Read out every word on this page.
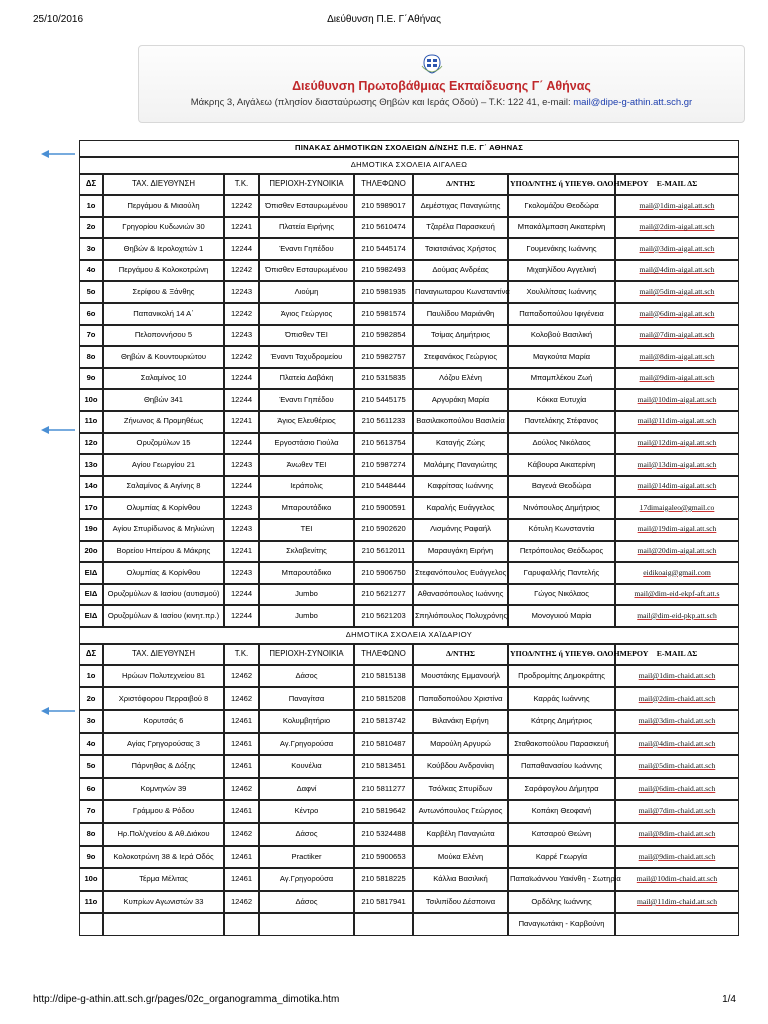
25/10/2016	Διεύθυνση Π.Ε. Γ΄Αθήνας
Διεύθυνση Πρωτοβάθμιας Εκπαίδευσης Γ΄ Αθήνας
Μάκρης 3, Αιγάλεω (πλησίον διασταύρωσης Θηβών και Ιεράς Οδού) – Τ.Κ: 122 41, e-mail: mail@dipe-g-athin.att.sch.gr
ΠΙΝΑΚΑΣ ΔΗΜΟΤΙΚΩΝ ΣΧΟΛΕΙΩΝ Δ/ΝΣΗΣ Π.Ε. Γ΄ ΑΘΗΝΑΣ							
ΔΗΜΟΤΙΚΑ ΣΧΟΛΕΙΑ ΑΙΓΑΛΕΩ							
ΔΣ	ΤΑΧ. ΔΙΕΥΘΥΝΣΗ	Τ.Κ.	ΠΕΡΙΟΧΗ-ΣΥΝΟΙΚΙΑ	ΤΗΛΕΦΩΝΟ	Δ/ΝΤΗΣ	ΥΠΟΔ/ΝΤΗΣ ή ΥΠΕΥΘ. ΟΛΟΗΜΕΡΟΥ	E-MAIL ΔΣ
1ο	Περγάμου & Μιαούλη	12242	Όπισθεν Εσταυρωμένου	210 5989017	Δεμέστιχας Παναγιώτης	Γκολομάζου Θεοδώρα	mail@1dim-aigal.att.sch
2ο	Γρηγορίου Κυδωνιών 30	12241	Πλατεία Ειρήνης	210 5610474	Τζαρέλα Παρασκευή	Μπακάλμπαση Αικατερίνη	mail@2dim-aigal.att.sch
3ο	Θηβών & Ιερολοχιτών 1	12244	Έναντι Γηπέδου	210 5445174	Τσιατσιάνας Χρήστος	Γουμενάκης Ιωάννης	mail@3dim-aigal.att.sch
4ο	Περγάμου & Κολοκοτρώνη	12242	Όπισθεν Εσταυρωμένου	210 5982493	Δούμας Ανδρέας	Μιχαηλίδου Αγγελική	mail@4dim-aigal.att.sch
5ο	Σερίφου & Ξάνθης	12243	Λιούμη	210 5981935	Παναγιωταρου Κωνσταντίνα	Χουλιλίτσας Ιωάννης	mail@5dim-aigal.att.sch
6ο	Παπανικολή 14 Α΄	12242	Άγιος Γεώργιος	210 5981574	Παυλίδου Μαριάνθη	Παπαδοπούλου Ιφιγένεια	mail@6dim-aigal.att.sch
7ο	Πελοποννήσου 5	12243	Όπισθεν ΤΕΙ	210 5982854	Τσίμας Δημήτριος	Κολοβού Βασιλική	mail@7dim-aigal.att.sch
8ο	Θηβών & Κουντουριώτου	12242	Έναντι Ταχυδρομείου	210 5982757	Στεφανάκος Γεώργιος	Μαγκούτα Μαρία	mail@8dim-aigal.att.sch
9ο	Σαλαμίνος 10	12244	Πλατεία Δαβάκη	210 5315835	Λόζου Ελένη	Μπαμπλέκου Ζωή	mail@9dim-aigal.att.sch
10ο	Θηβών 341	12244	Έναντι Γηπέδου	210 5445175	Αργυράκη Μαρία	Κόκκα Ευτυχία	mail@10dim-aigal.att.sch
11ο	Ζήνωνος & Προμηθέως	12241	Άγιος Ελευθέριος	210 5611233	Βασιλακοπούλου Βασιλεία	Παντελάκης Στέφανος	mail@11dim-aigal.att.sch
12ο	Ορυζομύλων 15	12244	Εργοστάσιο Γιούλα	210 5613754	Καταγής Ζώης	Δούλος Νικόλαος	mail@12dim-aigal.att.sch
13ο	Αγίου Γεωργίου 21	12243	Άνωθεν ΤΕΙ	210 5987274	Μαλάμης Παναγιώτης	Κάβουρα Αικατερίνη	mail@13dim-aigal.att.sch
14ο	Σαλαμίνος & Αιγίνης 8	12244	Ιεράπολις	210 5448444	Καφρίτσας Ιωάννης	Βαγενά Θεοδώρα	mail@14dim-aigal.att.sch
17ο	Ολυμπίας & Κορίνθου	12243	Μπαρουτάδικο	210 5900591	Καραλής Ευάγγελος	Νινόπουλος Δημήτριος	17dimaigaleo@gmail.co
19ο	Αγίου Σπυρίδωνος & Μηλιώνη	12243	ΤΕΙ	210 5902620	Λισμάνης Ραφαήλ	Κότυλη Κωνσταντία	mail@19dim-aigal.att.sch
20ο	Βορείου Ηπείρου & Μάκρης	12241	Σκλαβενίτης	210 5612011	Μαραυγάκη Ειρήνη	Πετρόπουλος Θεόδωρος	mail@20dim-aigal.att.sch
ΕΙΔ	Ολυμπίας & Κορίνθου	12243	Μπαρουτάδικο	210 5906750	Στεφανόπουλος Ευάγγελος	Γαρυφαλλής Παντελής	eidikoaig@gmail.com
ΕΙΔ	Ορυζομύλων & Ιασίου (αυτισμού)	12244	Jumbo	210 5621277	Αθανασόπουλος Ιωάννης	Γώγος Νικόλαος	mail@dim-eid-ekpf-aft.att.s
ΕΙΔ	Ορυζομύλων & Ιασίου (κινητ.πρ.)	12244	Jumbo	210 5621203	Σπηλιόπουλος Πολυχρόνης	Μονογυιού Μαρία	mail@dim-eid-pkp.att.sch
ΔΗΜΟΤΙΚΑ ΣΧΟΛΕΙΑ ΧΑΪΔΑΡΙΟΥ							
ΔΣ	ΤΑΧ. ΔΙΕΥΘΥΝΣΗ	Τ.Κ.	ΠΕΡΙΟΧΗ-ΣΥΝΟΙΚΙΑ	ΤΗΛΕΦΩΝΟ	Δ/ΝΤΗΣ	ΥΠΟΔ/ΝΤΗΣ ή ΥΠΕΥΘ. ΟΛΟΗΜΕΡΟΥ	E-MAIL ΔΣ
1ο	Ηρώων Πολυτεχνείου 81	12462	Δάσος	210 5815138	Μουστάκης Εμμανουήλ	Προδρομίτης Δημοκράτης	mail@1dim-chaid.att.sch
2ο	Χριστόφορου Περραιβού 8	12462	Παναγίτσα	210 5815208	Παπαδοπούλου Χριστίνα	Καρράς Ιωάννης	mail@2dim-chaid.att.sch
3ο	Κορυτσάς 6	12461	Κολυμβητήριο	210 5813742	Βιλανάκη Ειρήνη	Κάτρης Δημήτριος	mail@3dim-chaid.att.sch
4ο	Αγίας Γρηγορούσας 3	12461	Αγ.Γρηγορούσα	210 5810487	Μαρούλη Αργυρώ	Σταθακοπούλου Παρασκευή	mail@4dim-chaid.att.sch
5ο	Πάρνηθας & Δόξης	12461	Κουνέλια	210 5813451	Κούβδου Ανδρονίκη	Παπαθανασίου Ιωάννης	mail@5dim-chaid.att.sch
6ο	Κομνηνών 39	12462	Δαφνί	210 5811277	Τσόλκας Σπυρίδων	Σαράφογλου Δήμητρα	mail@6dim-chaid.att.sch
7ο	Γράμμου & Ρόδου	12461	Κέντρο	210 5819642	Αντωνόπουλος Γεώργιος	Κοπάκη Θεοφανή	mail@7dim-chaid.att.sch
8ο	Ηρ.Πολ/χνείου & Αθ.Διάκου	12462	Δάσος	210 5324488	Καρβέλη Παναγιώτα	Κατσαρού Θεώνη	mail@8dim-chaid.att.sch
9ο	Κολοκοτρώνη 38 & Ιερά Οδός	12461	Practiker	210 5900653	Μούκα Ελένη	Καρρέ Γεωργία	mail@9dim-chaid.att.sch
10ο	Τέρμα Μέλιτας	12461	Αγ.Γρηγορούσα	210 5818225	Κάλλια Βασιλική	Παπαϊωάννου Υακίνθη - Σωτηρία	mail@10dim-chaid.att.sch
11ο	Κυπρίων Αγωνιστών 33	12462	Δάσος	210 5817941	Τσιλιπίδου Δέσποινα	Ορδόλης Ιωάννης	mail@11dim-chaid.att.sch
						Παναγιωτάκη - Καρβούνη	
http://dipe-g-athin.att.sch.gr/pages/02c_organogramma_dimotika.htm	1/4
